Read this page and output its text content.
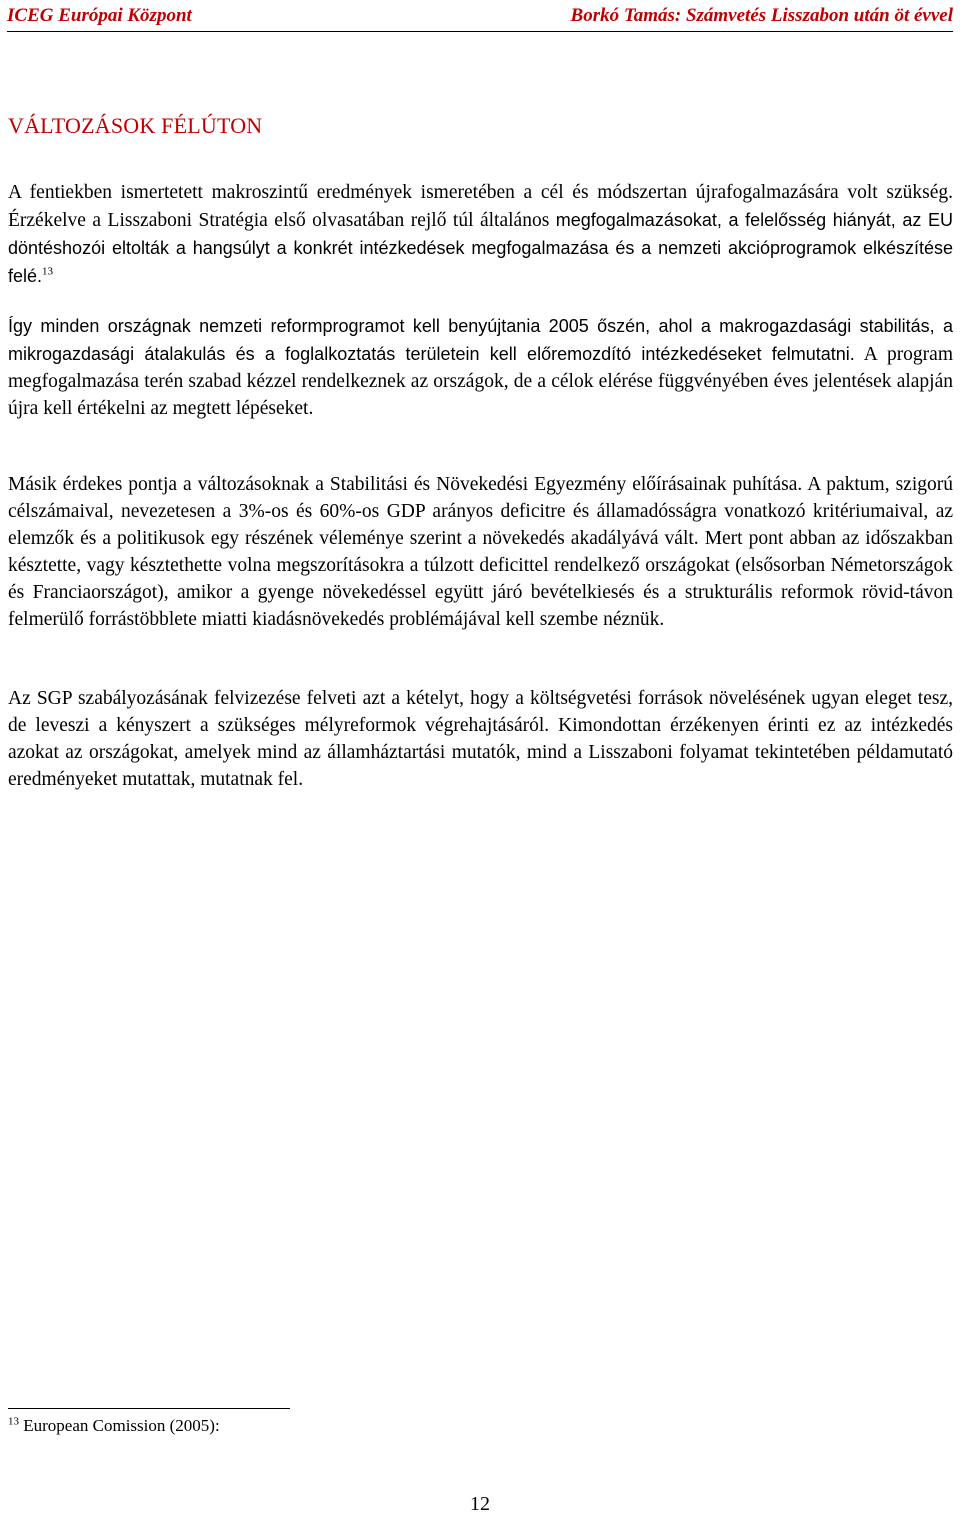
ICEG Európai Központ	Borkó Tamás: Számvetés Lisszabon után öt évvel
VÁLTOZÁSOK FÉLÚTON
A fentiekben ismertetett makroszintű eredmények ismeretében a cél és módszertan újrafogalmazására volt szükség. Érzékelve a Lisszaboni Stratégia első olvasatában rejlő túl általános megfogalmazásokat, a felelősség hiányát, az EU döntéshozói eltolták a hangsúlyt a konkrét intézkedések megfogalmazása és a nemzeti akcióprogramok elkészítése felé.$^{13}$
Így minden országnak nemzeti reformprogramot kell benyújtania 2005 őszén, ahol a makrogazdasági stabilitás, a mikrogazdasági átalakulás és a foglalkoztatás területein kell előremozdító intézkedéseket felmutatni. A program megfogalmazása terén szabad kézzel rendelkeznek az országok, de a célok elérése függvényében éves jelentések alapján újra kell értékelni az megtett lépéseket.
Másik érdekes pontja a változásoknak a Stabilitási és Növekedési Egyezmény előírásainak puhítása. A paktum, szigorú célszámaival, nevezetesen a 3%-os és 60%-os GDP arányos deficitre és államadósságra vonatkozó kritériumaival, az elemzők és a politikusok egy részének véleménye szerint a növekedés akadályává vált. Mert pont abban az időszakban késztette, vagy késztethette volna megszorításokra a túlzott deficittel rendelkező országokat (elsősorban Németországok és Franciaországot), amikor a gyenge növekedéssel együtt járó bevételkiesés és a strukturális reformok rövid-távon felmerülő forrástöbblete miatti kiadásnövekedés problémájával kell szembe néznük.
Az SGP szabályozásának felvizezése felveti azt a kételyt, hogy a költségvetési források növelésének ugyan eleget tesz, de leveszi a kényszert a szükséges mélyreformok végrehajtásáról. Kimondottan érzékenyen érinti ez az intézkedés azokat az országokat, amelyek mind az államháztartási mutatók, mind a Lisszaboni folyamat tekintetében példamutató eredményeket mutattak, mutatnak fel.
$^{13}$ European Comission (2005):
12
